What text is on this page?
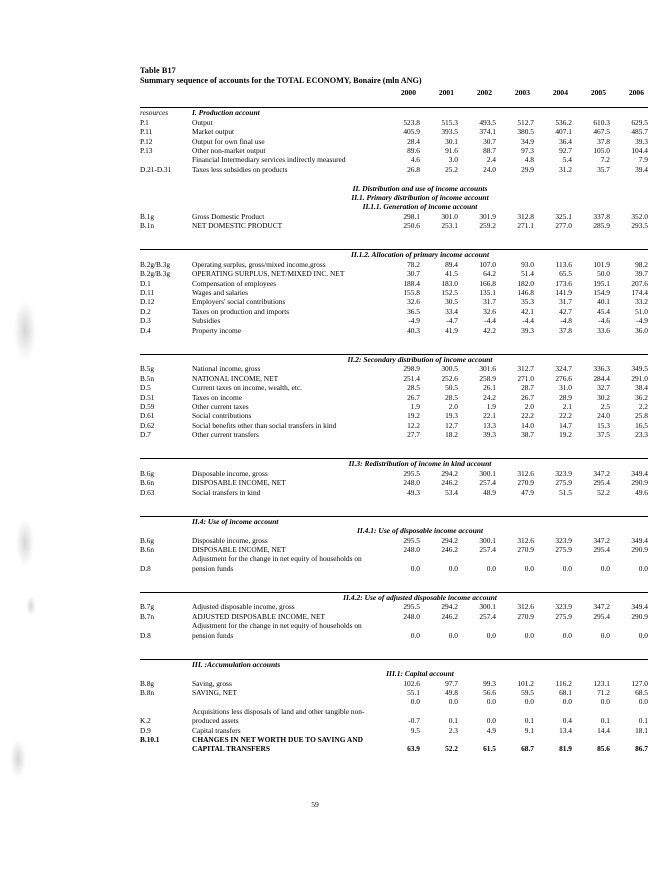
Table B17
Summary sequence of accounts for the TOTAL ECONOMY, Bonaire (mln ANG)
		2000	2001	2002	2003	2004	2005	2006

resources	I. Production account							
P.1	Output	523.8	515.3	493.5	512.7	536.2	610.3	629.5
P.11	Market output	405.9	393.5	374.1	380.5	407.1	467.5	485.7
P.12	Output for own final use	28.4	30.1	30.7	34.9	36.4	37.8	39.3
P.13	Other non-market output	89.6	91.6	88.7	97.3	92.7	105.0	104.4
	Financial Intermediary services indirectly measured	4.6	3.0	2.4	4.8	5.4	7.2	7.9
D.21-D.31	Taxes less subsidies on products	26.8	25.2	24.0	29.9	31.2	35.7	39.4

	II. Distribution and use of income accounts							
	II.1. Primary distribution of income account							
	II.1.1. Generation of income account							
B.1g	Gross Domestic Product	298.1	301.0	301.9	312.8	325.1	337.8	352.0
B.1n	NET DOMESTIC PRODUCT	250.6	253.1	259.2	271.1	277.0	285.9	293.5

	II.1.2. Allocation of primary income account							
B.2g/B.3g	Operating surplus, gross/mixed income,gross	78.2	89.4	107.0	93.0	113.6	101.9	98.2
B.2g/B.3g	OPERATING SURPLUS, NET/MIXED INC. NET	30.7	41.5	64.2	51.4	65.5	50.0	39.7
D.1	Compensation of employees	188.4	183.0	166.8	182.0	173.6	195.1	207.6
D.11	Wages and salaries	155.8	152.5	135.1	146.8	141.9	154.9	174.4
D.12	Employers' social contributions	32.6	30.5	31.7	35.3	31.7	40.1	33.2
D.2	Taxes on production and imports	36.5	33.4	32.6	42.1	42.7	45.4	51.0
D.3	Subsidies	-4.9	-4.7	-4.4	-4.4	-4.8	-4.6	-4.9
D.4	Property income	40.3	41.9	42.2	39.3	37.8	33.6	36.0

	II.2: Secondary distribution of income account							
B.5g	National income, gross	298.9	300.5	301.6	312.7	324.7	336.3	349.5
B.5n	NATIONAL INCOME, NET	251.4	252.6	258.9	271.0	276.6	284.4	291.0
D.5	Current taxes on income, wealth, etc.	28.5	50.5	26.1	28.7	31.0	32.7	38.4
D.51	Taxes on income	26.7	28.5	24.2	26.7	28.9	30.2	36.2
D.59	Other current taxes	1.9	2.0	1.9	2.0	2.1	2.5	2.2
D.61	Social contributions	19.2	19.3	22.1	22.2	22.2	24.0	25.8
D.62	Social benefits other than social transfers in kind	12.2	12.7	13.3	14.0	14.7	15.3	16.5
D.7	Other current transfers	27.7	18.2	39.3	38.7	19.2	37.5	23.3

	II.3: Redistribution of income in kind account							
B.6g	Disposable income, gross	295.5	294.2	300.1	312.6	323.9	347.2	349.4
B.6n	DISPOSABLE INCOME, NET	248.0	246.2	257.4	270.9	275.9	295.4	290.9
D.63	Social transfers in kind	49.3	53.4	48.9	47.9	51.5	52.2	49.6

	II.4: Use of income account							
	II.4.1: Use of disposable income account							
B.6g	Disposable income, gross	295.5	294.2	300.1	312.6	323.9	347.2	349.4
B.6n	DISPOSABLE INCOME, NET	248.0	246.2	257.4	270.9	275.9	295.4	290.9
	Adjustment for the change in net equity of households on							
D.8	pension funds	0.0	0.0	0.0	0.0	0.0	0.0	0.0

	II.4.2: Use of adjusted disposable income account							
B.7g	Adjusted disposable income, gross	295.5	294.2	300.1	312.6	323.9	347.2	349.4
B.7n	ADJUSTED DISPOSABLE INCOME, NET	248.0	246.2	257.4	270.9	275.9	295.4	290.9
	Adjustment for the change in net equity of households on							
D.8	pension funds	0.0	0.0	0.0	0.0	0.0	0.0	0.0

	III. :Accumulation accounts							
	III.1: Capital account							
B.8g	Saving, gross	102.6	97.7	99.3	101.2	116.2	123.1	127.0
B.8n	SAVING, NET	55.1	49.8	56.6	59.5	68.1	71.2	68.5
		0.0	0.0	0.0	0.0	0.0	0.0	0.0
	Acquisitions less disposals of land and other tangible non-							
K.2	produced assets	-0.7	0.1	0.0	0.1	0.4	0.1	0.1
D.9	Capital transfers	9.5	2.3	4.9	9.1	13.4	14.4	18.1
B.10.1	CHANGES IN NET WORTH DUE TO SAVING AND							
	CAPITAL TRANSFERS	63.9	52.2	61.5	68.7	81.9	85.6	86.7
59
